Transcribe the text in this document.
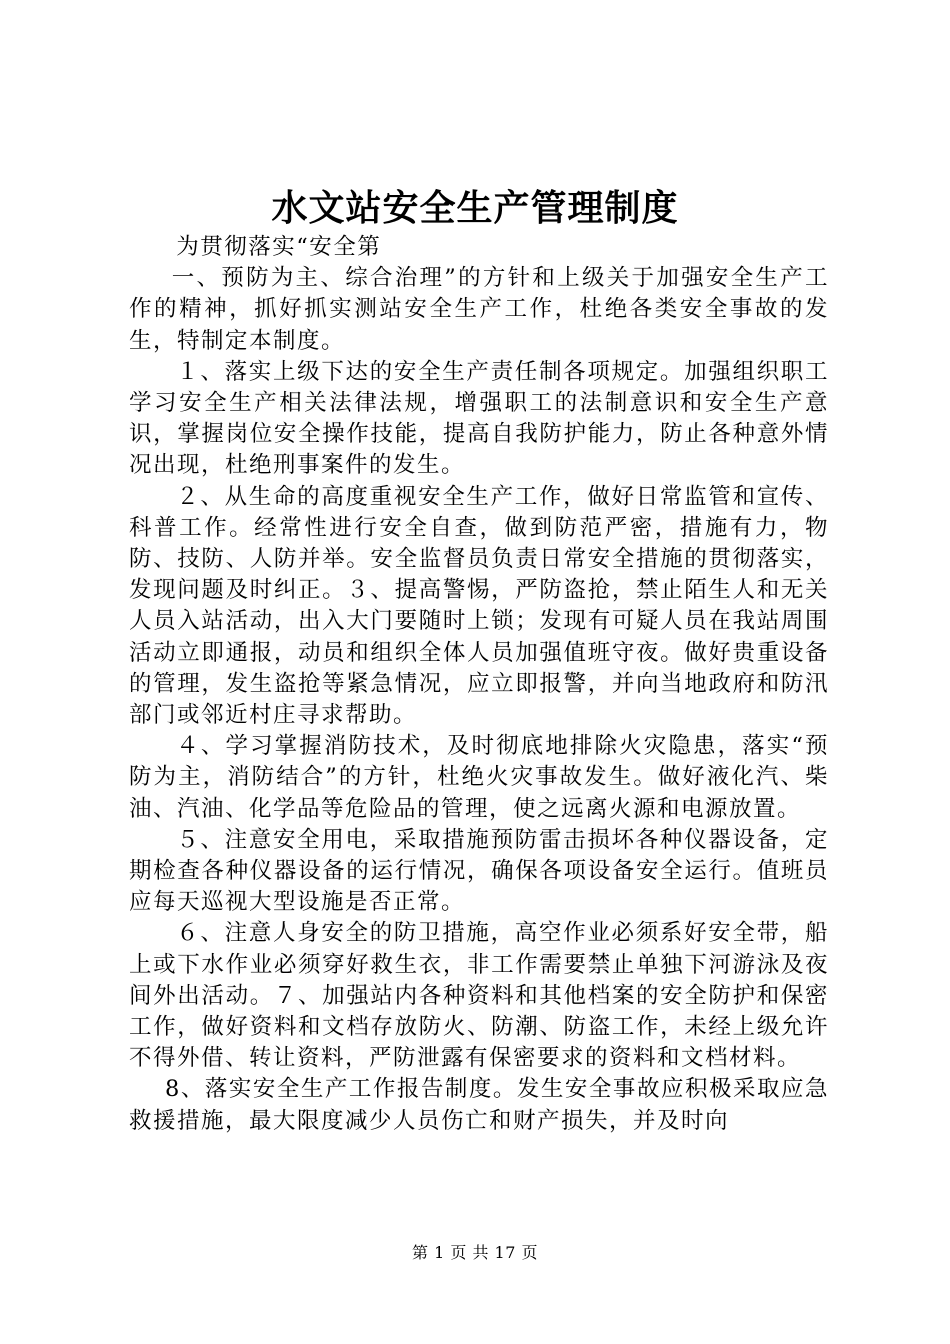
水文站安全生产管理制度

为贯彻落实“安全第

一、预防为主、综合治理”的方针和上级关于加强安全生产工作的精神，抓好抓实测站安全生产工作，杜绝各类安全事故的发生，特制定本制度。

１、落实上级下达的安全生产责任制各项规定。加强组织职工学习安全生产相关法律法规，增强职工的法制意识和安全生产意识，掌握岗位安全操作技能，提高自我防护能力，防止各种意外情况出现，杜绝刑事案件的发生。

２、从生命的高度重视安全生产工作，做好日常监管和宣传、科普工作。经常性进行安全自查，做到防范严密，措施有力，物防、技防、人防并举。安全监督员负责日常安全措施的贯彻落实，发现问题及时纠正。３、提高警惕，严防盗抢，禁止陌生人和无关人员入站活动，出入大门要随时上锁；发现有可疑人员在我站周围活动立即通报，动员和组织全体人员加强值班守夜。做好贵重设备的管理，发生盗抢等紧急情况，应立即报警，并向当地政府和防汛部门或邻近村庄寻求帮助。

４、学习掌握消防技术，及时彻底地排除火灾隐患，落实“预防为主，消防结合”的方针，杜绝火灾事故发生。做好液化汽、柴油、汽油、化学品等危险品的管理，使之远离火源和电源放置。

５、注意安全用电，采取措施预防雷击损坏各种仪器设备，定期检查各种仪器设备的运行情况，确保各项设备安全运行。值班员应每天巡视大型设施是否正常。

６、注意人身安全的防卫措施，高空作业必须系好安全带，船上或下水作业必须穿好救生衣，非工作需要禁止单独下河游泳及夜间外出活动。７、加强站内各种资料和其他档案的安全防护和保密工作，做好资料和文档存放防火、防潮、防盗工作，未经上级允许不得外借、转让资料，严防泄露有保密要求的资料和文档材料。

8、落实安全生产工作报告制度。发生安全事故应积极采取应急救援措施，最大限度减少人员伤亡和财产损失，并及时向

第 1 页 共 17 页
